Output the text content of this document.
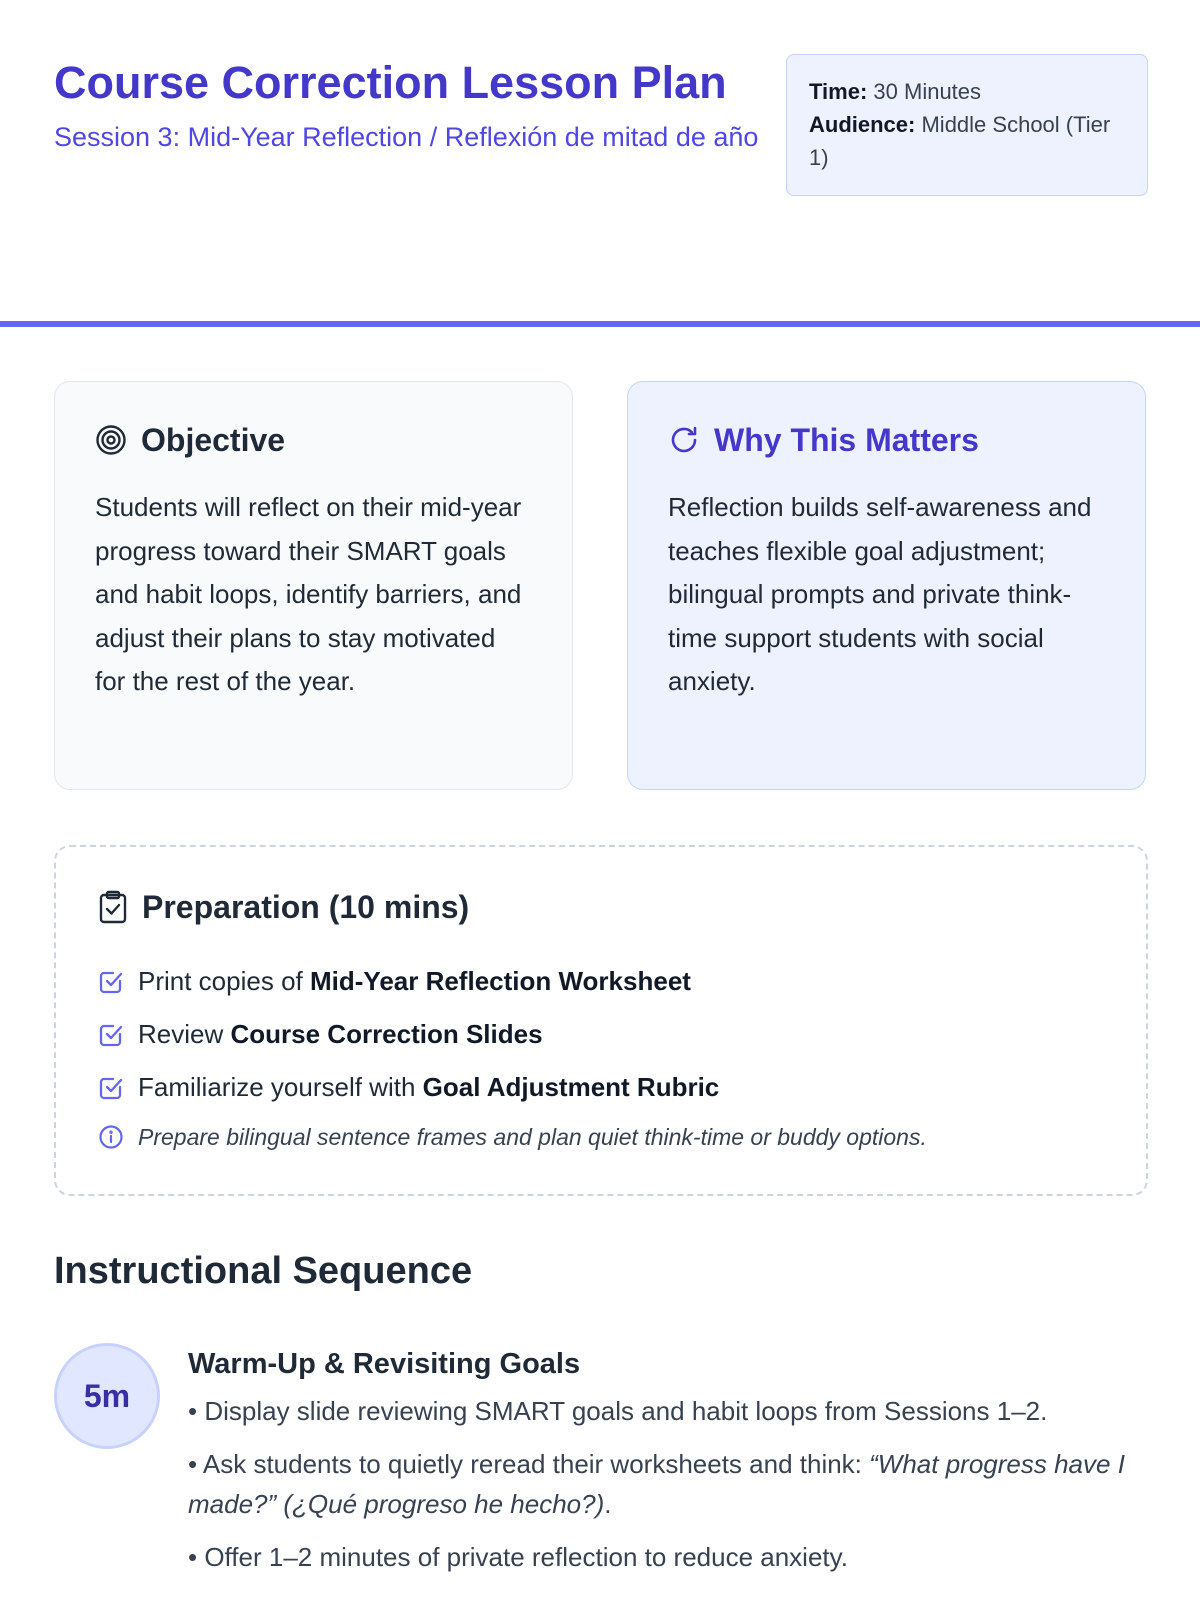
Course Correction Lesson Plan
Session 3: Mid-Year Reflection / Reflexión de mitad de año
Time: 30 Minutes
Audience: Middle School (Tier 1)
Objective

Students will reflect on their mid-year progress toward their SMART goals and habit loops, identify barriers, and adjust their plans to stay motivated for the rest of the year.

Why This Matters

Reflection builds self-awareness and teaches flexible goal adjustment; bilingual prompts and private think-time support students with social anxiety.

Preparation (10 mins)
Print copies of Mid-Year Reflection Worksheet
Review Course Correction Slides
Familiarize yourself with Goal Adjustment Rubric
Prepare bilingual sentence frames and plan quiet think-time or buddy options.
Instructional Sequence
5m
Warm-Up & Revisiting Goals
• Display slide reviewing SMART goals and habit loops from Sessions 1–2.
• Ask students to quietly reread their worksheets and think: “What progress have I made?” (¿Qué progreso he hecho?).
• Offer 1–2 minutes of private reflection to reduce anxiety.
